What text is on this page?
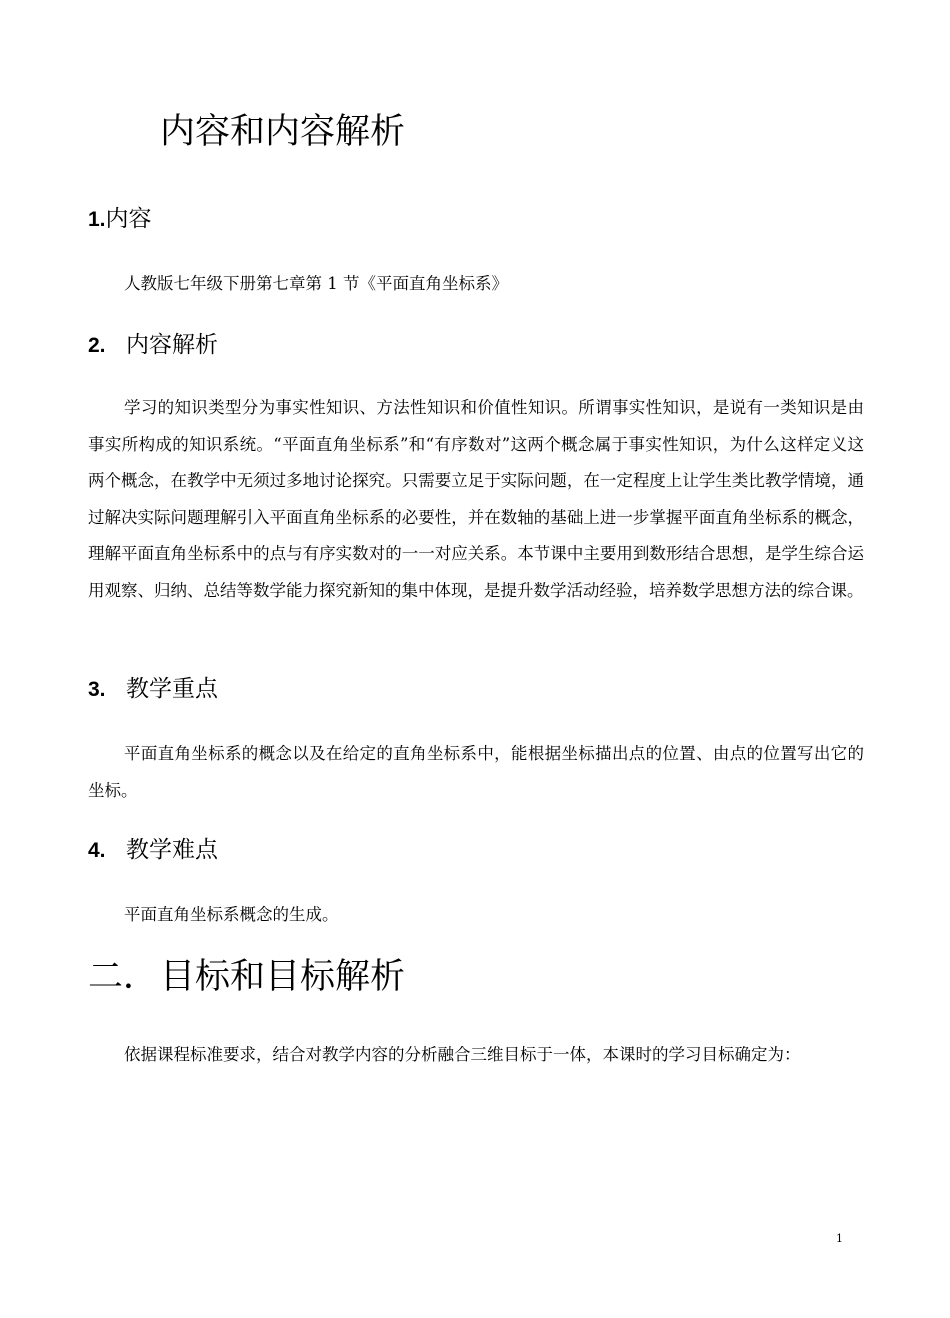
内容和内容解析
1.内容
人教版七年级下册第七章第 1 节《平面直角坐标系》
2. 内容解析
学习的知识类型分为事实性知识、方法性知识和价值性知识。所谓事实性知识，是说有一类知识是由事实所构成的知识系统。“平面直角坐标系”和“有序数对”这两个概念属于事实性知识，为什么这样定义这两个概念，在教学中无须过多地讨论探究。只需要立足于实际问题，在一定程度上让学生类比教学情境，通过解决实际问题理解引入平面直角坐标系的必要性，并在数轴的基础上进一步掌握平面直角坐标系的概念，理解平面直角坐标系中的点与有序实数对的一一对应关系。本节课中主要用到数形结合思想，是学生综合运用观察、归纳、总结等数学能力探究新知的集中体现，是提升数学活动经验，培养数学思想方法的综合课。
3. 教学重点
平面直角坐标系的概念以及在给定的直角坐标系中，能根据坐标描出点的位置、由点的位置写出它的坐标。
4. 教学难点
平面直角坐标系概念的生成。
二．目标和目标解析
依据课程标准要求，结合对教学内容的分析融合三维目标于一体，本课时的学习目标确定为：
1
